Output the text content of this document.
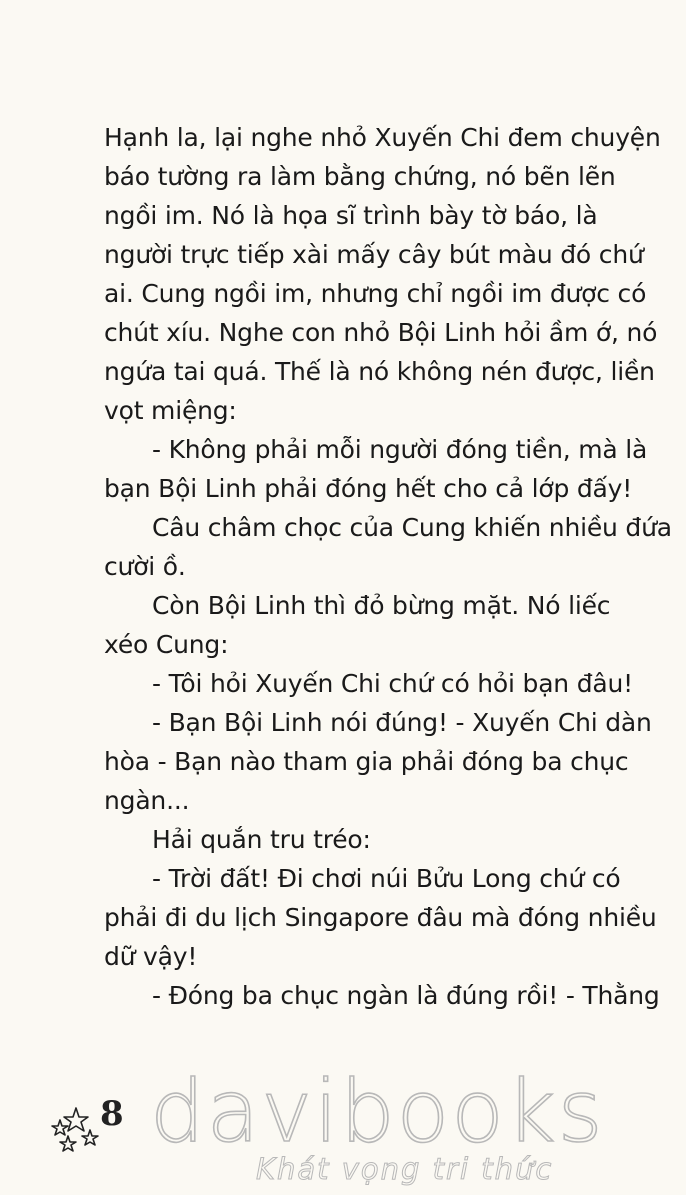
Hạnh la, lại nghe nhỏ Xuyến Chi đem chuyện
báo tường ra làm bằng chứng, nó bẽn lẽn
ngồi im. Nó là họa sĩ trình bày tờ báo, là
người trực tiếp xài mấy cây bút màu đó chứ
ai. Cung ngồi im, nhưng chỉ ngồi im được có
chút xíu. Nghe con nhỏ Bội Linh hỏi ầm ớ, nó
ngứa tai quá. Thế là nó không nén được, liền
vọt miệng:
- Không phải mỗi người đóng tiền, mà là
bạn Bội Linh phải đóng hết cho cả lớp đấy!
Câu châm chọc của Cung khiến nhiều đứa
cười ồ.
Còn Bội Linh thì đỏ bừng mặt. Nó liếc
xéo Cung:
- Tôi hỏi Xuyến Chi chứ có hỏi bạn đâu!
- Bạn Bội Linh nói đúng! - Xuyến Chi dàn
hòa - Bạn nào tham gia phải đóng ba chục
ngàn...
Hải quắn tru tréo:
- Trời đất! Đi chơi núi Bửu Long chứ có
phải đi du lịch Singapore đâu mà đóng nhiều
dữ vậy!
- Đóng ba chục ngàn là đúng rồi! - Thằng
8 davibooks
Khát vọng tri thức
